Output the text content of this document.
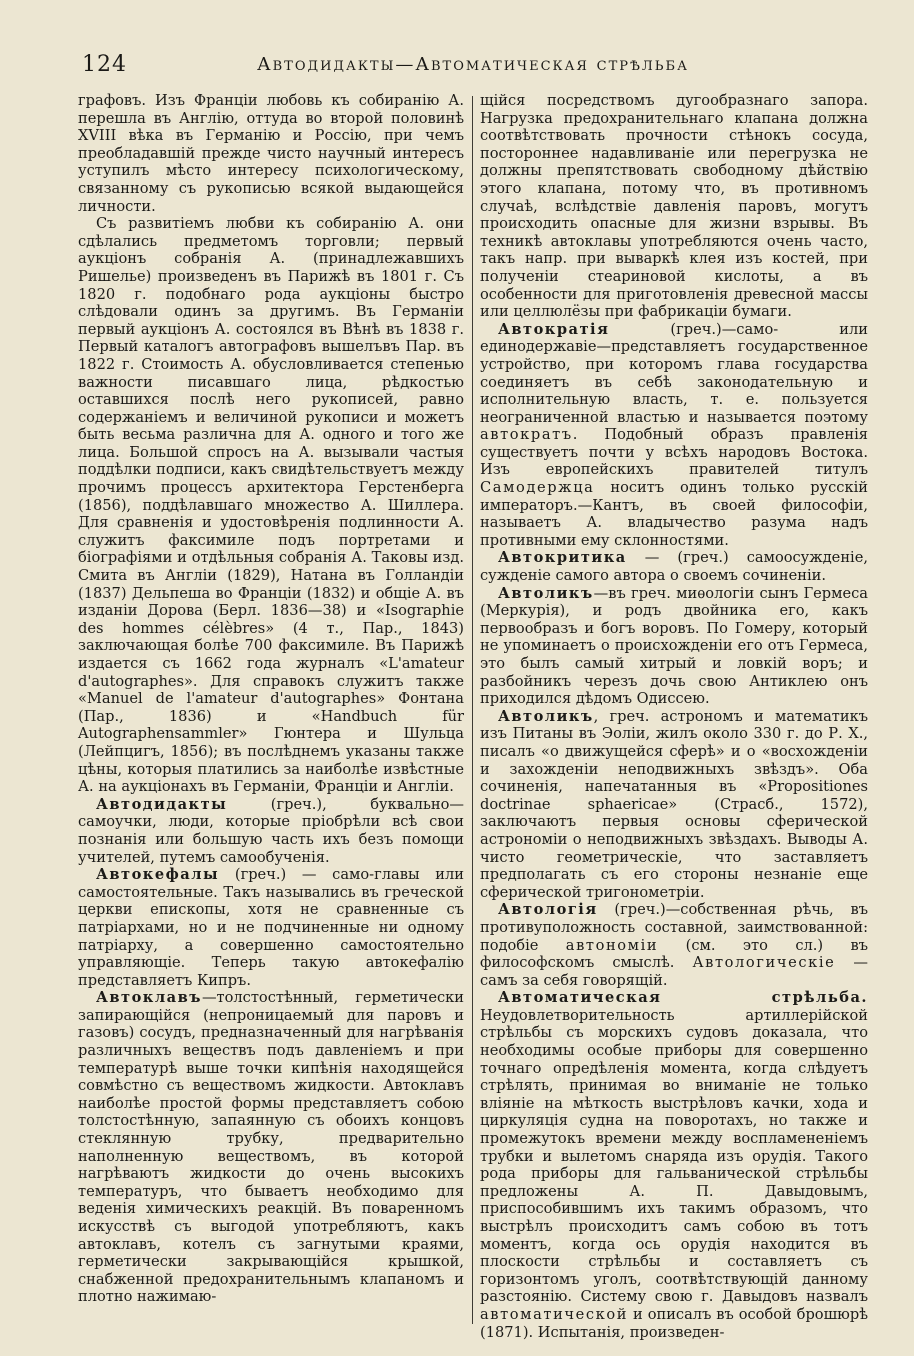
124	Автодидакты—Автоматическая стрѣльба

графовъ. Изъ Франціи любовь къ собиранію А. перешла въ Англію, оттуда во второй половинѣ XVIII вѣка въ Германію и Россію, при чемъ преобладавшій прежде чисто научный интересъ уступилъ мѣсто интересу психологическому, связанному съ рукописью всякой выдающейся личности.

Съ развитіемъ любви къ собиранію А. они сдѣлались предметомъ торговли; первый аукціонъ собранія А. (принадлежавшихъ Ришелье) произведенъ въ Парижѣ въ 1801 г. Съ 1820 г. подобнаго рода аукціоны быстро слѣдовали одинъ за другимъ. Въ Германіи первый аукціонъ А. состоялся въ Вѣнѣ въ 1838 г. Первый каталогъ автографовъ вышелъвъ Пар. въ 1822 г. Стоимость А. обусловливается степенью важности писавшаго лица, рѣдкостью оставшихся послѣ него рукописей, равно содержаніемъ и величиной рукописи и можетъ быть весьма различна для А. одного и того же лица. Большой спросъ на А. вызывали частыя поддѣлки подписи, какъ свидѣтельствуетъ между прочимъ процессъ архитектора Герстенберга (1856), поддѣлавшаго множество А. Шиллера. Для сравненія и удостовѣренія подлинности А. служитъ факсимиле подъ портретами и біографіями и отдѣльныя собранія А. Таковы изд. Смита въ Англіи (1829), Натана въ Голландіи (1837) Дельпеша во Франціи (1832) и общіе А. въ изданіи Дорова (Берл. 1836—38) и «Isographie des hommes célèbres» (4 т., Пар., 1843) заключающая болѣе 700 факсимиле. Въ Парижѣ издается съ 1662 года журналъ «L'amateur d'autographes». Для справокъ служитъ также «Manuel de l'amateur d'autographes» Фонтана (Пар., 1836) и «Handbuch für Autographensammler» Гюнтера и Шульца (Лейпцигъ, 1856); въ послѣднемъ указаны также цѣны, которыя платились за наиболѣе извѣстные А. на аукціонахъ въ Германіи, Франціи и Англіи.

Автодидакты (греч.), буквально—самоучки, люди, которые пріобрѣли всѣ свои познанія или большую часть ихъ безъ помощи учителей, путемъ самообученія.

Автокефалы (греч.) — само-главы или самостоятельные. Такъ назывались въ греческой церкви епископы, хотя не сравненные съ патріархами, но и не подчиненные ни одному патріарху, а совершенно самостоятельно управляющіе. Теперь такую автокефалію представляетъ Кипръ.

Автоклавъ—толстостѣнный, герметически запирающійся (непроницаемый для паровъ и газовъ) сосудъ, предназначенный для нагрѣванія различныхъ веществъ подъ давленіемъ и при температурѣ выше точки кипѣнія находящейся совмѣстно съ веществомъ жидкости. Автоклавъ наиболѣе простой формы представляетъ собою толстостѣнную, запаянную съ обоихъ концовъ стеклянную трубку, предварительно наполненную веществомъ, въ которой нагрѣваютъ жидкости до очень высокихъ температуръ, что бываетъ необходимо для веденія химическихъ реакцій. Въ поваренномъ искусствѣ съ выгодой употребляютъ, какъ автоклавъ, котелъ съ загнутыми краями, герметически закрывающійся крышкой, снабженной предохранительнымъ клапаномъ и плотно нажимаю-

щійся посредствомъ дугообразнаго запора. Нагрузка предохранительнаго клапана должна соотвѣтствовать прочности стѣнокъ сосуда, постороннее надавливаніе или перегрузка не должны препятствовать свободному дѣйствію этого клапана, потому что, въ противномъ случаѣ, вслѣдствіе давленія паровъ, могутъ происходить опасные для жизни взрывы. Въ техникѣ автоклавы употребляются очень часто, такъ напр. при вываркѣ клея изъ костей, при полученіи стеариновой кислоты, а въ особенности для приготовленія древесной массы или целлюлёзы при фабрикаціи бумаги.

Автократія (греч.)—само- или единодержавіе—представляетъ государственное устройство, при которомъ глава государства соединяетъ въ себѣ законодательную и исполнительную власть, т. е. пользуется неограниченной властью и называется поэтому автократъ. Подобный образъ правленія существуетъ почти у всѣхъ народовъ Востока. Изъ европейскихъ правителей титулъ Самодержца носитъ одинъ только русскій императоръ.—Кантъ, въ своей философіи, называетъ А. владычество разума надъ противными ему склонностями.

Автокритика — (греч.) самоосужденіе, сужденіе самого автора о своемъ сочиненіи.

Автоликъ—въ греч. миѳологіи сынъ Гермеса (Меркурія), и родъ двойника его, какъ первообразъ и богъ воровъ. По Гомеру, который не упоминаетъ о происхожденіи его отъ Гермеса, это былъ самый хитрый и ловкій воръ; и разбойникъ черезъ дочь свою Антиклею онъ приходился дѣдомъ Одиссею.

Автоликъ, греч. астрономъ и математикъ изъ Питаны въ Эоліи, жилъ около 330 г. до Р. Х., писалъ «о движущейся сферѣ» и о «восхожденіи и захожденіи неподвижныхъ звѣздъ». Оба сочиненія, напечатанныя въ «Propositiones doctrinae sphaericae» (Страсб., 1572), заключаютъ первыя основы сферической астрономіи о неподвижныхъ звѣздахъ. Выводы А. чисто геометрическіе, что заставляетъ предполагать съ его стороны незнаніе еще сферической тригонометріи.

Автологія (греч.)—собственная рѣчь, въ противуположность составной, заимствованной: подобіе автономіи (см. это сл.) въ философскомъ смыслѣ. Автологическіе — самъ за себя говорящій.

Автоматическая стрѣльба. Неудовлетворительность артиллерійской стрѣльбы съ морскихъ судовъ доказала, что необходимы особые приборы для совершенно точнаго опредѣленія момента, когда слѣдуетъ стрѣлять, принимая во вниманіе не только вліяніе на мѣткость выстрѣловъ качки, хода и циркуляція судна на поворотахъ, но также и промежутокъ времени между воспламененіемъ трубки и вылетомъ снаряда изъ орудія. Такого рода приборы для гальванической стрѣльбы предложены А. П. Давыдовымъ, приспособившимъ ихъ такимъ образомъ, что выстрѣлъ происходитъ самъ собою въ тотъ моментъ, когда ось орудія находится въ плоскости стрѣльбы и составляетъ съ горизонтомъ уголъ, соотвѣтствующій данному разстоянію. Систему свою г. Давыдовъ назвалъ автоматической и описалъ въ особой брошюрѣ (1871). Испытанія, произведен-
